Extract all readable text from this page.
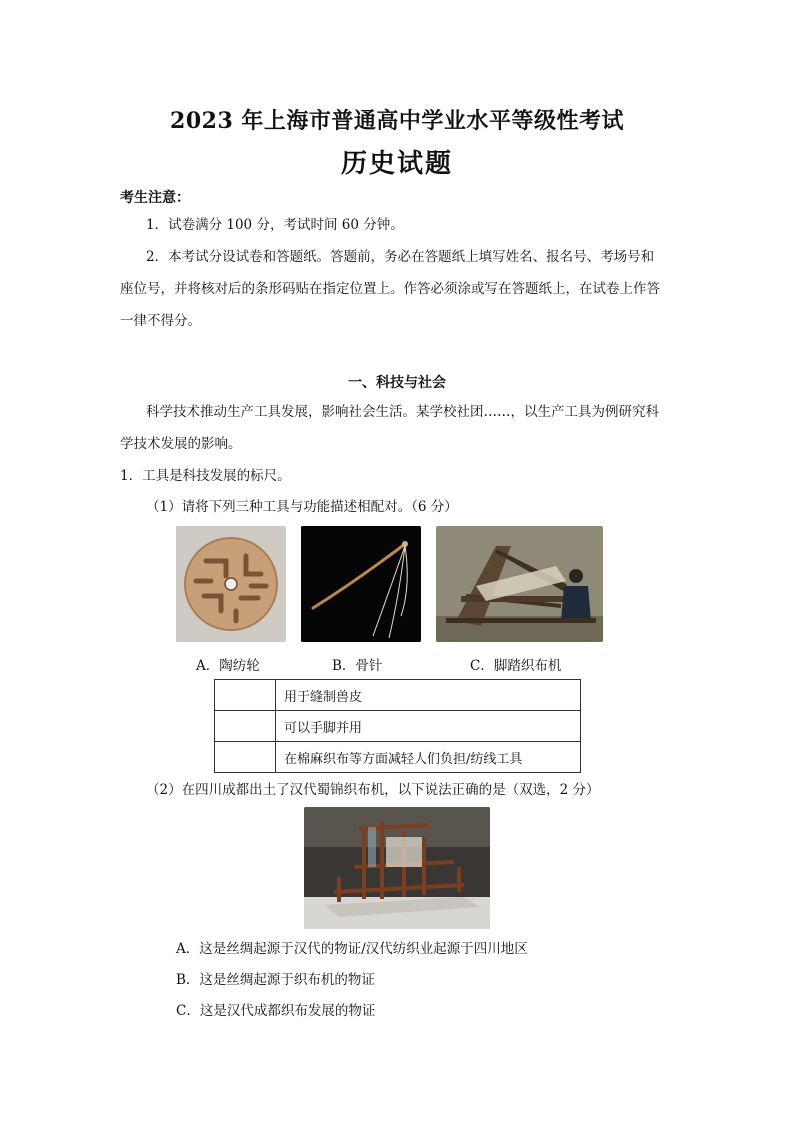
2023 年上海市普通高中学业水平等级性考试
历史试题
考生注意：
1．试卷满分 100 分，考试时间 60 分钟。
2．本考试分设试卷和答题纸。答题前，务必在答题纸上填写姓名、报名号、考场号和
座位号，并将核对后的条形码贴在指定位置上。作答必须涂或写在答题纸上，在试卷上作答
一律不得分。
一、科技与社会
科学技术推动生产工具发展，影响社会生活。某学校社团……，以生产工具为例研究科
学技术发展的影响。
1．工具是科技发展的标尺。
（1）请将下列三种工具与功能描述相配对。（6 分）
A．陶纺轮	B．骨针	C．脚踏织布机
	用于缝制兽皮
	可以手脚并用
	在棉麻织布等方面减轻人们负担/纺线工具
（2）在四川成都出土了汉代蜀锦织布机，以下说法正确的是（双选，2 分）
A．这是丝绸起源于汉代的物证/汉代纺织业起源于四川地区
B．这是丝绸起源于织布机的物证
C．这是汉代成都织布发展的物证
